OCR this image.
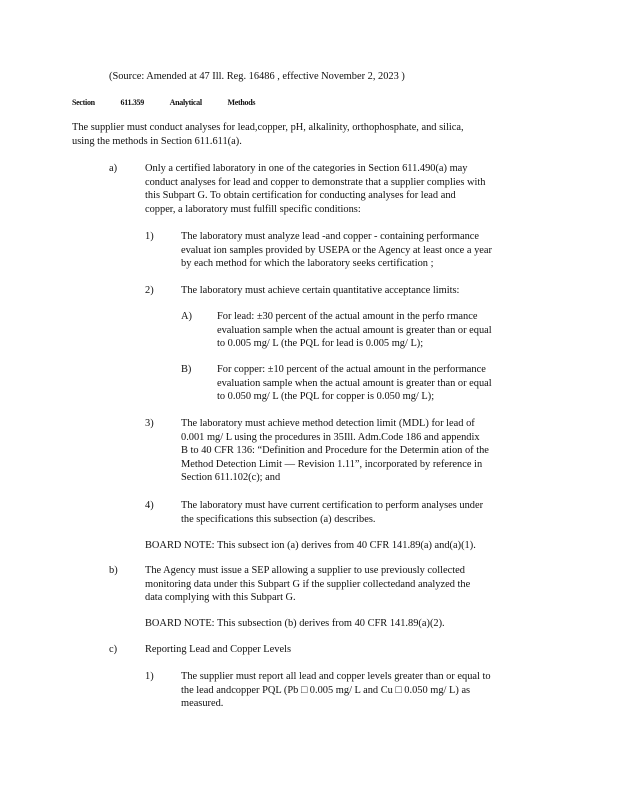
(Source: Amended at 47 Ill. Reg. 16486 , effective November 2, 2023 )

Section	611.359	Analytical	Methods

The supplier must conduct analyses for lead,copper, pH, alkalinity, orthophosphate, and silica,
using the methods in Section 611.611(a).

a)	Only a certified laboratory in one of the categories in Section 611.490(a) may
conduct analyses for lead and copper to demonstrate that a supplier complies with
this Subpart G. To obtain certification for conducting analyses for lead and
copper, a laboratory must fulfill specific conditions:

1)	The laboratory must analyze lead -and copper - containing performance
evaluat ion samples provided by USEPA or the Agency at least once a year
by each method for which the laboratory seeks certification ;

2)	The laboratory must achieve certain quantitative acceptance limits:

A) For lead: ±30 percent of the actual amount in the perfo rmance
evaluation sample when the actual amount is greater than or equal
to 0.005 mg/ L (the PQL for lead is 0.005 mg/ L);

B) For copper: ±10 percent of the actual amount in the performance
evaluation sample when the actual amount is greater than or equal
to 0.050 mg/ L (the PQL for copper is 0.050 mg/ L);

3)	The laboratory must achieve method detection limit (MDL) for lead of
0.001 mg/ L using the procedures in 35Ill. Adm.Code 186 and appendix
B to 40 CFR 136: “Definition and Procedure for the Determin ation of the
Method Detection Limit — Revision 1.11”, incorporated by reference in
Section 611.102(c); and

4)	The laboratory must have current certification to perform analyses under
the specifications this subsection (a) describes.

BOARD NOTE: This subsect ion (a) derives from 40 CFR 141.89(a) and(a)(1).

b)	The Agency must issue a SEP allowing a supplier to use previously collected
monitoring data under this Subpart G if the supplier collectedand analyzed the
data complying with this Subpart G.

BOARD NOTE: This subsection (b) derives from 40 CFR 141.89(a)(2).

c)	Reporting Lead and Copper Levels

1)	The supplier must report all lead and copper levels greater than or equal to
the lead andcopper PQL (Pb □ 0.005 mg/ L and Cu □ 0.050 mg/ L) as
measured.
